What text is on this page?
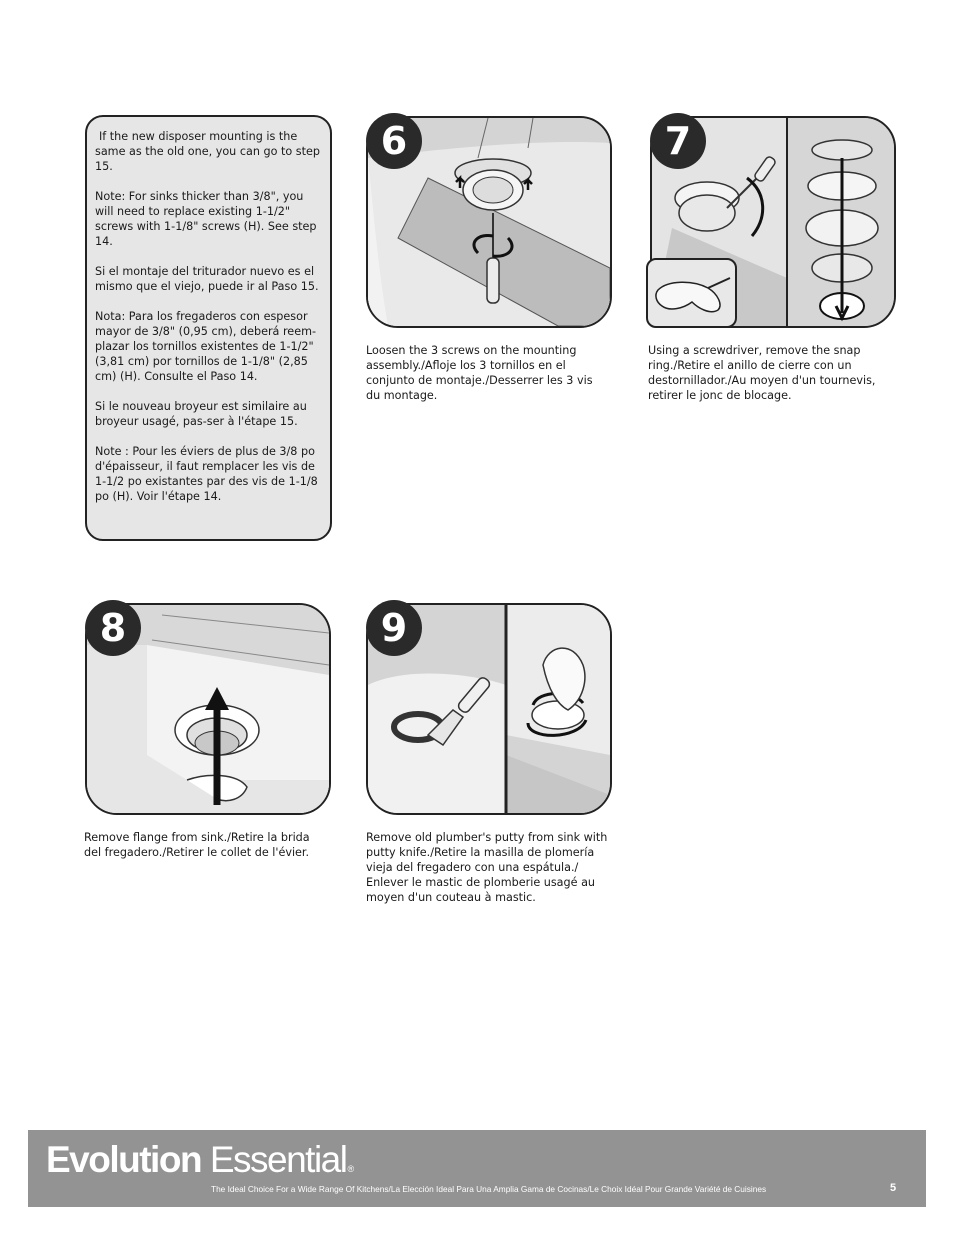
If the new disposer mounting is the same as the old one, you can go to step 15.

Note: For sinks thicker than 3/8", you will need to replace existing 1-1/2" screws with 1-1/8" screws (H). See step 14.

Si el montaje del triturador nuevo es el mismo que el viejo, puede ir al Paso 15.

Nota: Para los fregaderos con espesor mayor de 3/8" (0,95 cm), deberá reem-plazar los tornillos existentes de 1-1/2" (3,81 cm) por tornillos de 1-1/8" (2,85 cm) (H). Consulte el Paso 14.

Si le nouveau broyeur est similaire au broyeur usagé, pas-ser à l'étape 15.

Note : Pour les éviers de plus de 3/8 po d'épaisseur, il faut remplacer les vis de 1-1/2 po existantes par des vis de 1-1/8 po (H). Voir l'étape 14.

6	7
8	9

Loosen the 3 screws on the mounting assembly./Afloje los 3 tornillos en el conjunto de montaje./Desserrer les 3 vis du montage.

Using a screwdriver, remove the snap ring./Retire el anillo de cierre con un destornillador./Au moyen d'un tournevis, retirer le jonc de blocage.

Remove flange from sink./Retire la brida del fregadero./Retirer le collet de l'évier.

Remove old plumber's putty from sink with putty knife./Retire la masilla de plomería vieja del fregadero con una espátula./ Enlever le mastic de plomberie usagé au moyen d'un couteau à mastic.

Evolution Essential®
The Ideal Choice For a Wide Range Of Kitchens/La Elección Ideal Para Una Amplia Gama de Cocinas/Le Choix Idéal Pour Grande Variété de Cuisines	5
